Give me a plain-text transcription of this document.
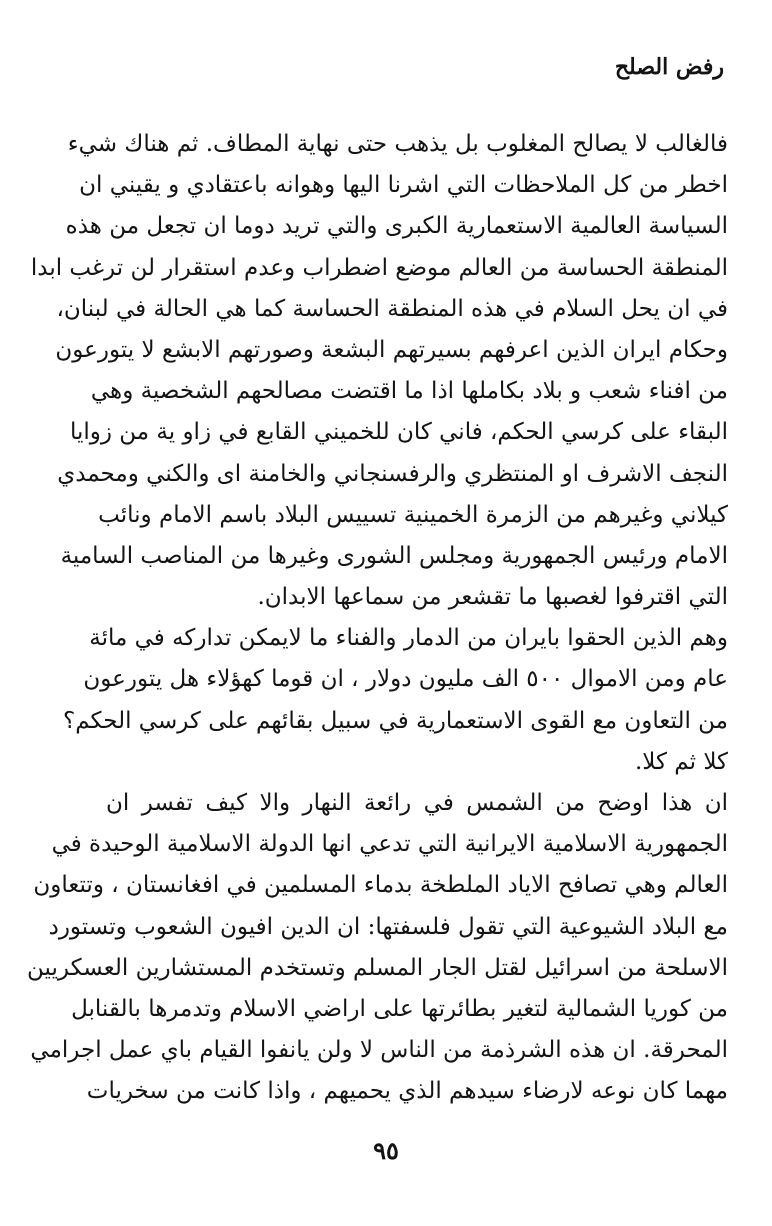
رفض الصلح
فالغالب لا يصالح المغلوب بل يذهب حتى نهاية المطاف. ثم هناك شيء
اخطر من كل الملاحظات التي اشرنا اليها وهوانه باعتقادي و يقيني ان
السياسة العالمية الاستعمارية الكبرى والتي تريد دوما ان تجعل من هذه
المنطقة الحساسة من العالم موضع اضطراب وعدم استقرار لن ترغب ابدا
في ان يحل السلام في هذه المنطقة الحساسة كما هي الحالة في لبنان،
وحكام ايران الذين اعرفهم بسيرتهم البشعة وصورتهم الابشع لا يتورعون
من افناء شعب و بلاد بكاملها اذا ما اقتضت مصالحهم الشخصية وهي
البقاء على كرسي الحكم، فاني كان للخميني القابع في زاو ية من زوايا
النجف الاشرف او المنتظري والرفسنجاني والخامنة اى والكني ومحمدي
كيلاني وغيرهم من الزمرة الخمينية تسييس البلاد باسم الامام ونائب
الامام ورئيس الجمهورية ومجلس الشورى وغيرها من المناصب السامية
التي اقترفوا لغصبها ما تقشعر من سماعها الابدان.
وهم الذين الحقوا بايران من الدمار والفناء ما لايمكن تداركه في مائة
عام ومن الاموال ٥٠٠ الف مليون دولار ، ان قوما كهؤلاء هل يتورعون
من التعاون مع القوى الاستعمارية في سبيل بقائهم على كرسي الحكم؟
كلا ثم كلا.
ان هذا اوضح من الشمس في رائعة النهار والا كيف تفسر ان
الجمهورية الاسلامية الايرانية التي تدعي انها الدولة الاسلامية الوحيدة في
العالم وهي تصافح الاياد الملطخة بدماء المسلمين في افغانستان ، وتتعاون
مع البلاد الشيوعية التي تقول فلسفتها: ان الدين افيون الشعوب وتستورد
الاسلحة من اسرائيل لقتل الجار المسلم وتستخدم المستشارين العسكريين
من كوريا الشمالية لتغير بطائرتها على اراضي الاسلام وتدمرها بالقنابل
المحرقة. ان هذه الشرذمة من الناس لا ولن يانفوا القيام باي عمل اجرامي
مهما كان نوعه لارضاء سيدهم الذي يحميهم ، واذا كانت من سخريات
٩٥
